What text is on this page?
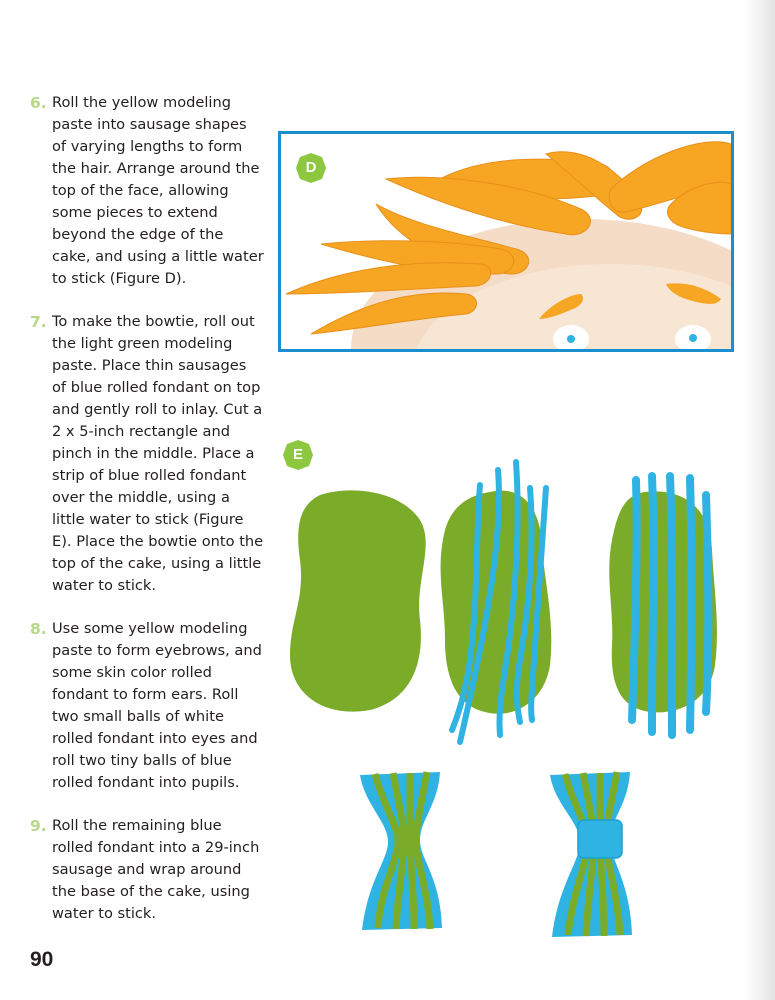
6. Roll the yellow modeling paste into sausage shapes of varying lengths to form the hair. Arrange around the top of the face, allowing some pieces to extend beyond the edge of the cake, and using a little water to stick (Figure D).
7. To make the bowtie, roll out the light green modeling paste. Place thin sausages of blue rolled fondant on top and gently roll to inlay. Cut a 2 x 5-inch rectangle and pinch in the middle. Place a strip of blue rolled fondant over the middle, using a little water to stick (Figure E). Place the bowtie onto the top of the cake, using a little water to stick.
8. Use some yellow modeling paste to form eyebrows, and some skin color rolled fondant to form ears. Roll two small balls of white rolled fondant into eyes and roll two tiny balls of blue rolled fondant into pupils.
9. Roll the remaining blue rolled fondant into a 29-inch sausage and wrap around the base of the cake, using water to stick.
D
E
90
